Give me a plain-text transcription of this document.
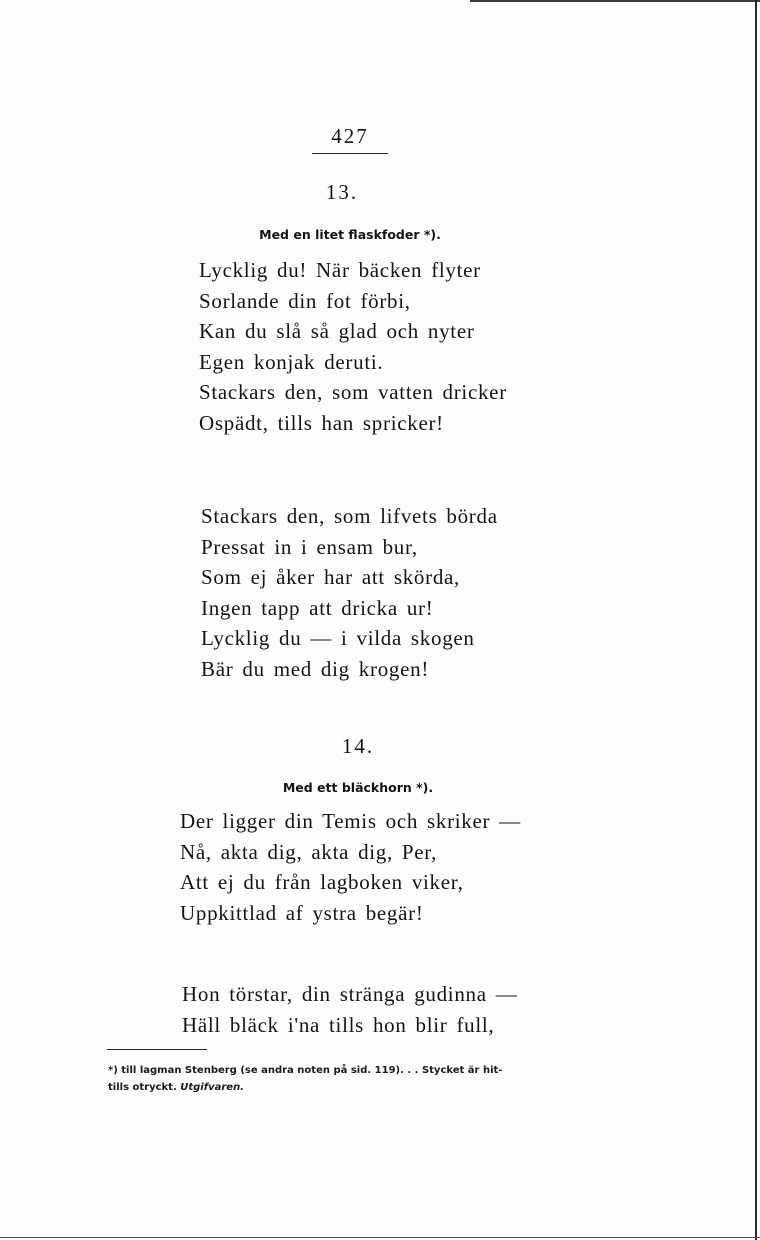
427
13.
Med en litet flaskfoder *).
Lycklig du! När bäcken flyter
Sorlande din fot förbi,
Kan du slå så glad och nyter
Egen konjak deruti.
Stackars den, som vatten dricker
Ospädt, tills han spricker!
Stackars den, som lifvets börda
Pressat in i ensam bur,
Som ej åker har att skörda,
Ingen tapp att dricka ur!
Lycklig du — i vilda skogen
Bär du med dig krogen!
14.
Med ett bläckhorn *).
Der ligger din Temis och skriker —
Nå, akta dig, akta dig, Per,
Att ej du från lagboken viker,
Uppkittlad af ystra begär!
Hon törstar, din stränga gudinna —
Häll bläck i'na tills hon blir full,
*) till lagman Stenberg (se andra noten på sid. 119). . . Stycket är hit-
tills otryckt. Utgifvaren.
